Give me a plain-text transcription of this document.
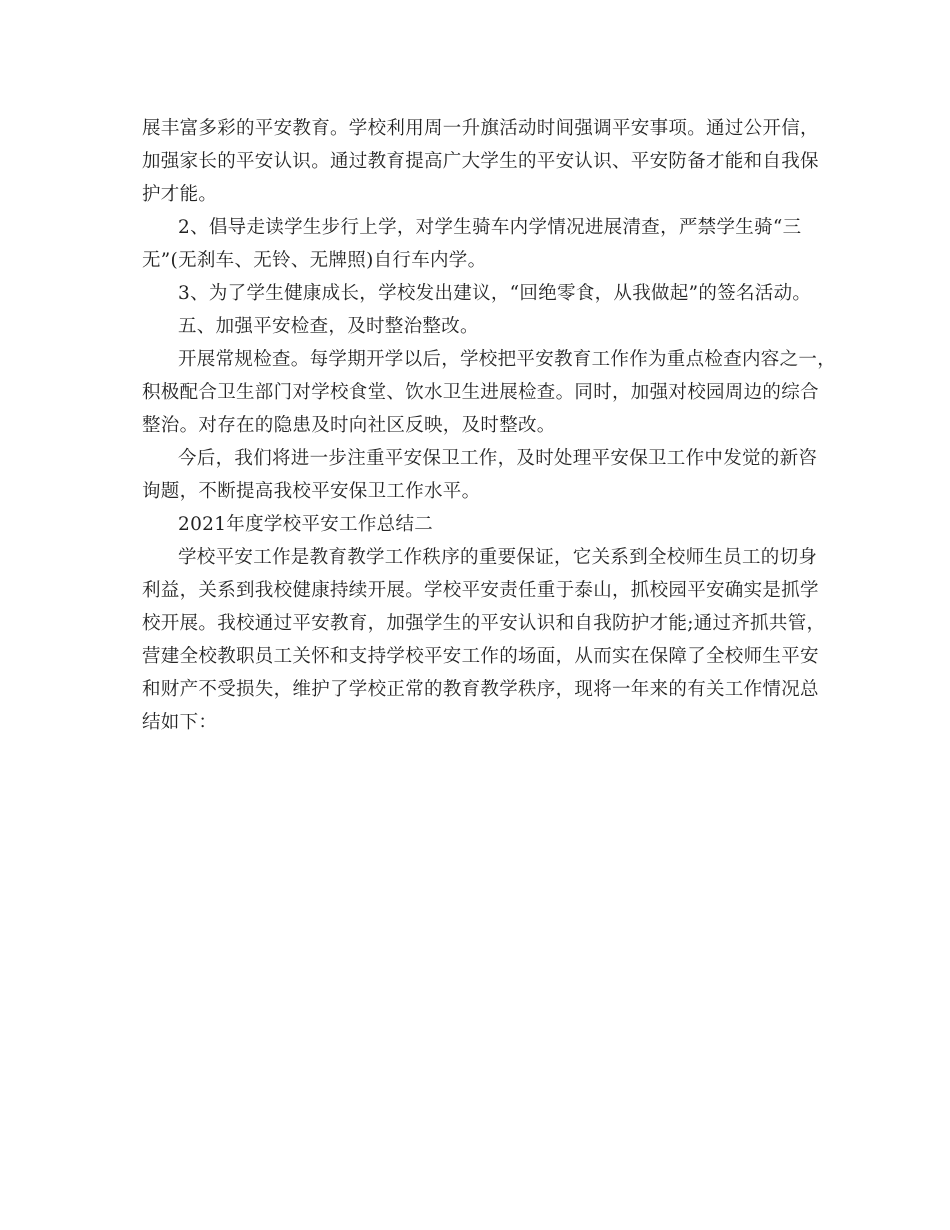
展丰富多彩的平安教育。学校利用周一升旗活动时间强调平安事项。通过公开信，
加强家长的平安认识。通过教育提高广大学生的平安认识、平安防备才能和自我保
护才能。
2、倡导走读学生步行上学，对学生骑车内学情况进展清查，严禁学生骑“三
无”(无刹车、无铃、无牌照)自行车内学。
3、为了学生健康成长，学校发出建议，“回绝零食，从我做起”的签名活动。
五、加强平安检查，及时整治整改。
开展常规检查。每学期开学以后，学校把平安教育工作作为重点检查内容之一，
积极配合卫生部门对学校食堂、饮水卫生进展检查。同时，加强对校园周边的综合
整治。对存在的隐患及时向社区反映，及时整改。
今后，我们将进一步注重平安保卫工作，及时处理平安保卫工作中发觉的新咨
询题，不断提高我校平安保卫工作水平。
2021年度学校平安工作总结二
学校平安工作是教育教学工作秩序的重要保证，它关系到全校师生员工的切身
利益，关系到我校健康持续开展。学校平安责任重于泰山，抓校园平安确实是抓学
校开展。我校通过平安教育，加强学生的平安认识和自我防护才能;通过齐抓共管，
营建全校教职员工关怀和支持学校平安工作的场面，从而实在保障了全校师生平安
和财产不受损失，维护了学校正常的教育教学秩序，现将一年来的有关工作情况总
结如下：
